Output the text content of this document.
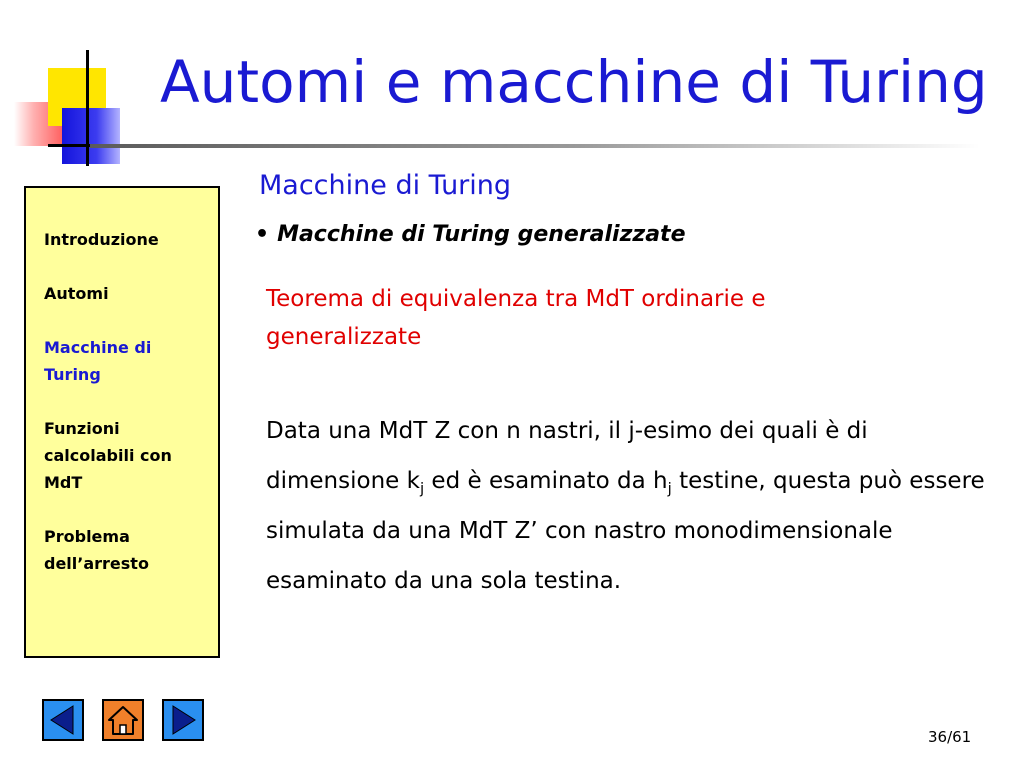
Automi e macchine di Turing
Introduzione
Automi
Macchine di Turing
Funzioni calcolabili con MdT
Problema dell’arresto
Macchine di Turing
• Macchine di Turing generalizzate
Teorema di equivalenza tra MdT ordinarie e generalizzate
Data una MdT Z con n nastri, il j-esimo dei quali è di dimensione $k_j$ ed è esaminato da $h_j$ testine, questa può essere simulata da una MdT Z’ con nastro monodimensionale esaminato da una sola testina.
36/61
